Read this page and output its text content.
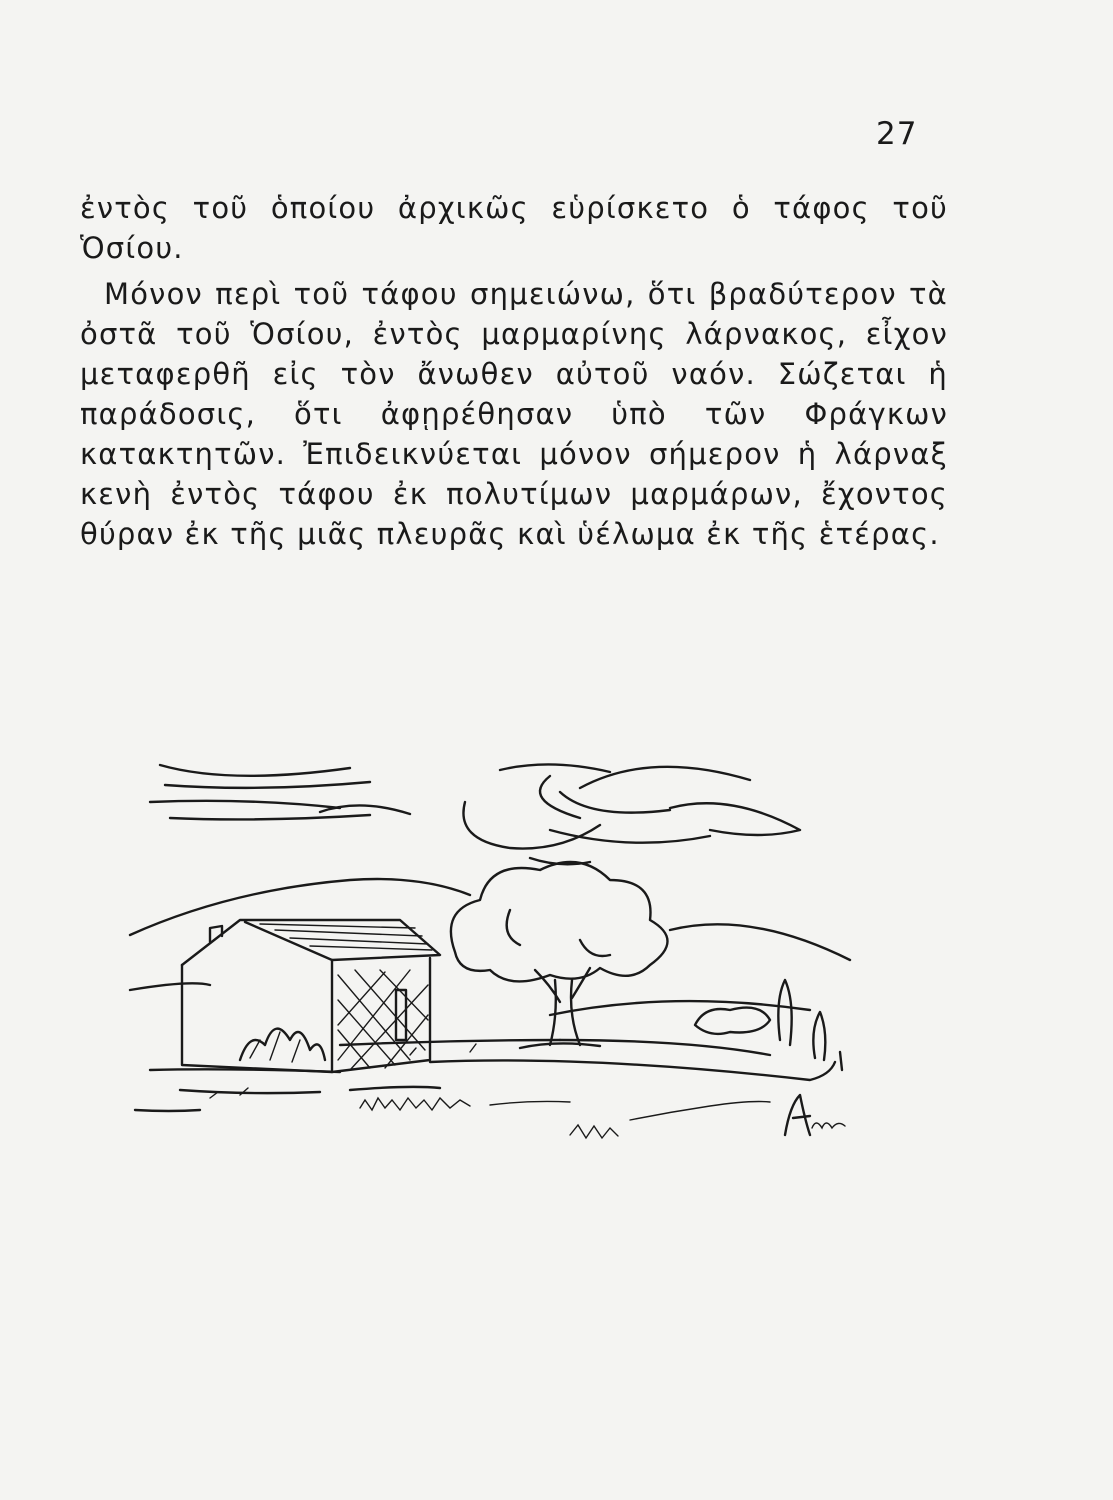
27

ἐντὸς τοῦ ὁποίου ἀρχικῶς εὑρίσκετο ὁ τάφος τοῦ Ὁσίου.

Μόνον περὶ τοῦ τάφου σημειώνω, ὅτι βραδύτερον τὰ ὀστᾶ τοῦ Ὁσίου, ἐντὸς μαρμαρίνης λάρνακος, εἶχον μεταφερθῆ εἰς τὸν ἄνωθεν αὐτοῦ ναόν. Σώζεται ἡ παράδοσις, ὅτι ἀφῃρέθησαν ὑπὸ τῶν Φράγκων κατακτητῶν. Ἐπιδεικνύεται μόνον σήμερον ἡ λάρναξ κενὴ ἐντὸς τάφου ἐκ πολυτίμων μαρμάρων, ἔχοντος θύραν ἐκ τῆς μιᾶς πλευρᾶς καὶ ὑέλωμα ἐκ τῆς ἑτέρας.
